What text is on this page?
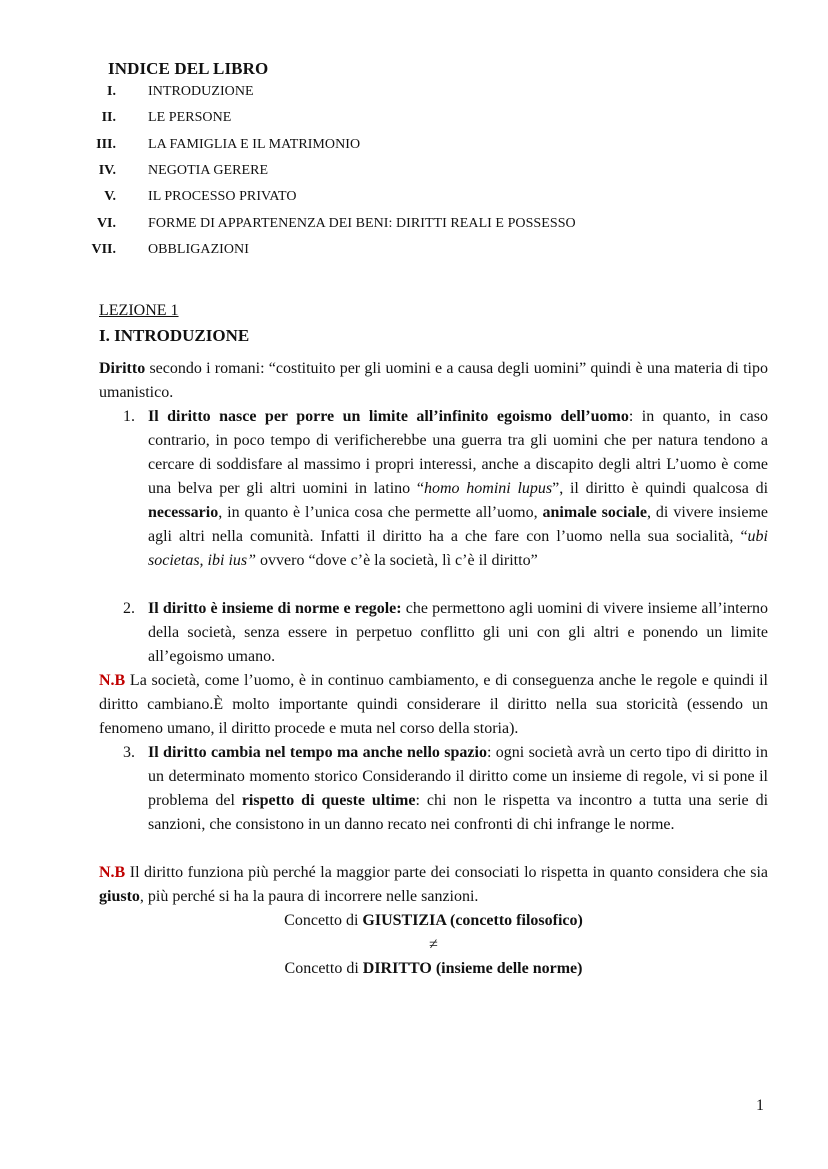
INDICE DEL LIBRO
I. INTRODUZIONE
II. LE PERSONE
III. LA FAMIGLIA E IL MATRIMONIO
IV. NEGOTIA GERERE
V. IL PROCESSO PRIVATO
VI. FORME DI APPARTENENZA DEI BENI: DIRITTI REALI E POSSESSO
VII. OBBLIGAZIONI
LEZIONE 1
I. INTRODUZIONE
Diritto secondo i romani: “costituito per gli uomini e a causa degli uomini” quindi è una materia di tipo umanistico.
1. Il diritto nasce per porre un limite all’infinito egoismo dell’uomo: in quanto, in caso contrario, in poco tempo di verificherebbe una guerra tra gli uomini che per natura tendono a cercare di soddisfare al massimo i propri interessi, anche a discapito degli altri L’uomo è come una belva per gli altri uomini in latino “homo homini lupus”, il diritto è quindi qualcosa di necessario, in quanto è l’unica cosa che permette all’uomo, animale sociale, di vivere insieme agli altri nella comunità. Infatti il diritto ha a che fare con l’uomo nella sua socialità, “ubi societas, ibi ius” ovvero “dove c’è la società, lì c’è il diritto”
2. Il diritto è insieme di norme e regole: che permettono agli uomini di vivere insieme all’interno della società, senza essere in perpetuo conflitto gli uni con gli altri e ponendo un limite all’egoismo umano.
N.B La società, come l’uomo, è in continuo cambiamento, e di conseguenza anche le regole e quindi il diritto cambiano.È molto importante quindi considerare il diritto nella sua storicità (essendo un fenomeno umano, il diritto procede e muta nel corso della storia).
3. Il diritto cambia nel tempo ma anche nello spazio: ogni società avrà un certo tipo di diritto in un determinato momento storico Considerando il diritto come un insieme di regole, vi si pone il problema del rispetto di queste ultime: chi non le rispetta va incontro a tutta una serie di sanzioni, che consistono in un danno recato nei confronti di chi infrange le norme.
N.B Il diritto funziona più perché la maggior parte dei consociati lo rispetta in quanto considera che sia giusto, più perché si ha la paura di incorrere nelle sanzioni.
Concetto di GIUSTIZIA (concetto filosofico)
≠
Concetto di DIRITTO (insieme delle norme)
1
